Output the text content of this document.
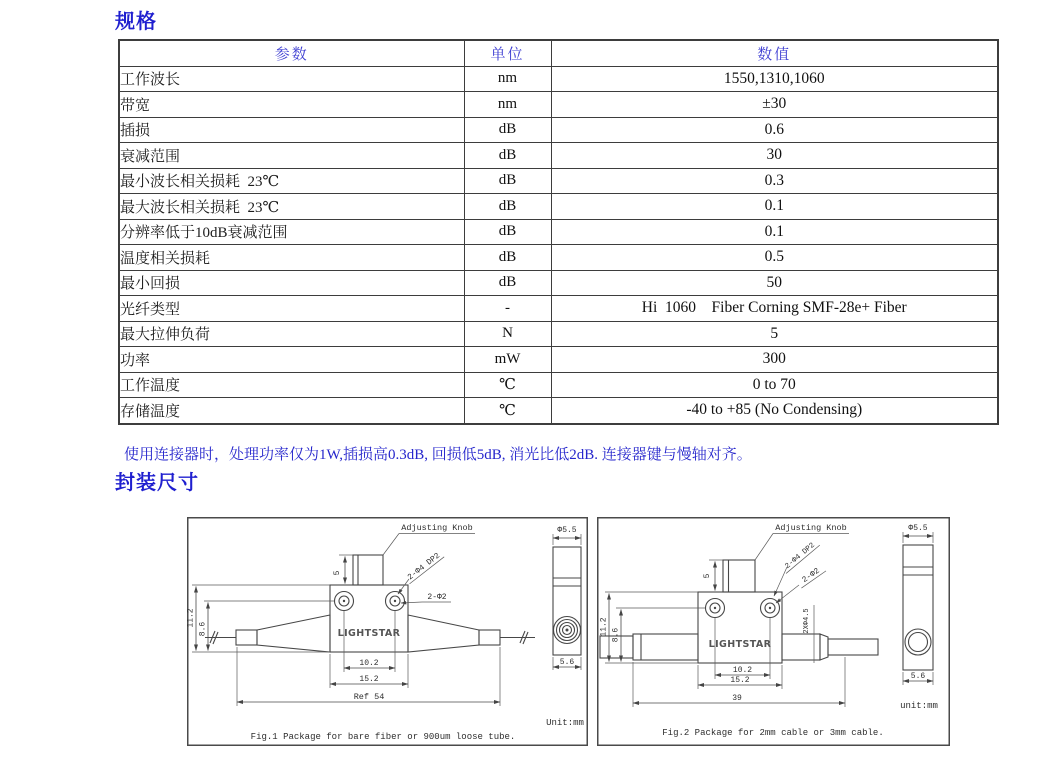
规格
参数	单位	数值
工作波长	nm	1550,1310,1060
带宽	nm	±30
插损	dB	0.6
衰减范围	dB	30
最小波长相关损耗  23℃	dB	0.3
最大波长相关损耗  23℃	dB	0.1
分辨率低于10dB衰减范围	dB	0.1
温度相关损耗	dB	0.5
最小回损	dB	50
光纤类型	-	Hi  1060    Fiber Corning SMF-28e+ Fiber
最大拉伸负荷	N	5
功率	mW	300
工作温度	℃	0 to 70
存储温度	℃	-40 to +85 (No Condensing)
使用连接器时，处理功率仅为1W,插损高0.3dB, 回损低5dB, 消光比低2dB. 连接器键与慢轴对齐。
封装尺寸
LIGHTSTAR
Adjusting Knob
5
11.2
8.6
2-Φ4 DP2
2-Φ2
10.2
15.2
Ref 54
Φ5.5
5.6
Unit:mm
Fig.1 Package for bare fiber or 900um loose tube.
LIGHTSTAR
Adjusting Knob
5
11.2 8.6
2-Φ4 DP2
2-Φ2
2XΦ4.5
10.2
15.2
39
Φ5.5
5.6
unit:mm
Fig.2 Package for 2mm cable or 3mm cable.
